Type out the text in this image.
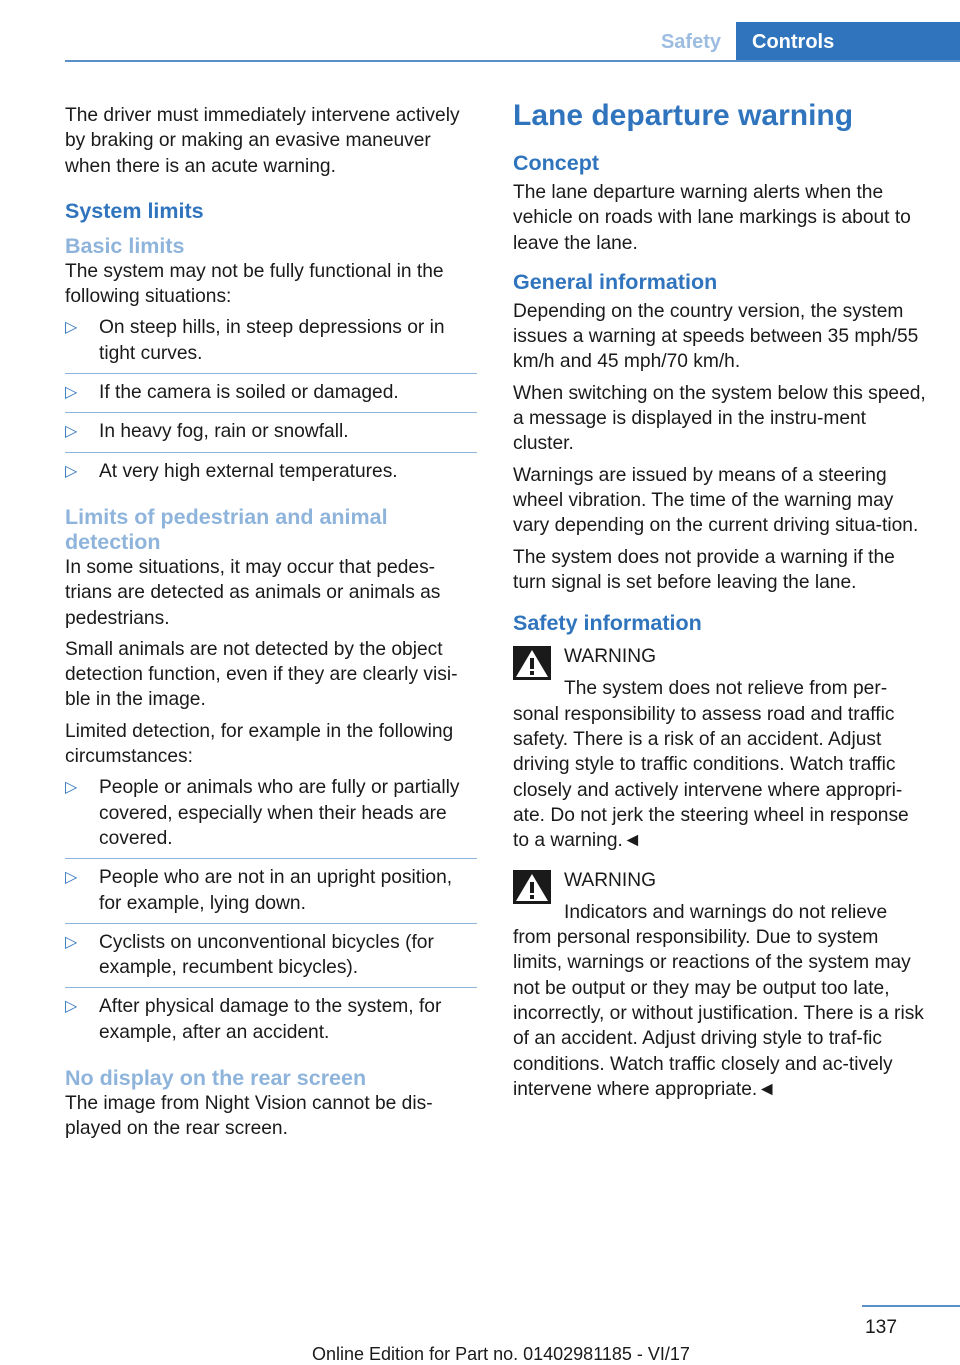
Safety	Controls

The driver must immediately intervene actively by braking or making an evasive maneuver when there is an acute warning.

System limits
Basic limits

The system may not be fully functional in the following situations:

▷ On steep hills, in steep depressions or in tight curves.
▷ If the camera is soiled or damaged.
▷ In heavy fog, rain or snowfall.
▷ At very high external temperatures.
Limits of pedestrian and animal detection

In some situations, it may occur that pedes‐trians are detected as animals or animals as pedestrians.

Small animals are not detected by the object detection function, even if they are clearly visi‐ble in the image.

Limited detection, for example in the following circumstances:

▷ People or animals who are fully or partially covered, especially when their heads are covered.
▷ People who are not in an upright position, for example, lying down.
▷ Cyclists on unconventional bicycles (for example, recumbent bicycles).
▷ After physical damage to the system, for example, after an accident.
No display on the rear screen

The image from Night Vision cannot be dis‐played on the rear screen.

Lane departure warning
Concept

The lane departure warning alerts when the vehicle on roads with lane markings is about to leave the lane.

General information

Depending on the country version, the system issues a warning at speeds between 35 mph/55 km/h and 45 mph/70 km/h.

When switching on the system below this speed, a message is displayed in the instru‐ment cluster.

Warnings are issued by means of a steering wheel vibration. The time of the warning may vary depending on the current driving situa‐tion.

The system does not provide a warning if the turn signal is set before leaving the lane.

Safety information
WARNING
The system does not relieve from per‐sonal responsibility to assess road and traffic safety. There is a risk of an accident. Adjust driving style to traffic conditions. Watch traffic closely and actively intervene where appropri‐ate. Do not jerk the steering wheel in response to a warning.◄
WARNING
Indicators and warnings do not relieve from personal responsibility. Due to system limits, warnings or reactions of the system may not be output or they may be output too late, incorrectly, or without justification. There is a risk of an accident. Adjust driving style to traf‐fic conditions. Watch traffic closely and ac‐tively intervene where appropriate.◄
137
Online Edition for Part no. 01402981185 - VI/17
